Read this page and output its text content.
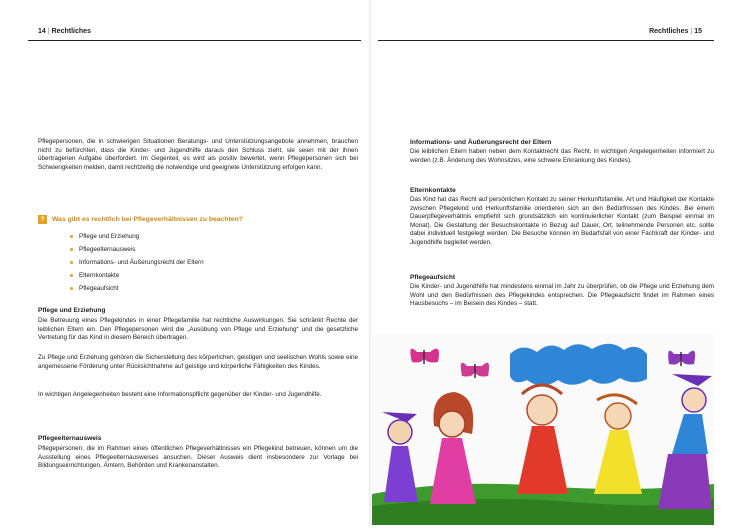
14 | Rechtliches	Rechtliches | 15

Pflegepersonen, die in schwierigen Situationen Beratungs- und Unterstützungsangebote annehmen, brauchen nicht zu befürchten, dass die Kinder- und Jugendhilfe daraus den Schluss zieht, sie seien mit der ihnen übertragenen Aufgabe überfordert. Im Gegenteil, es wird als positiv bewertet, wenn Pflegepersonen sich bei Schwierigkeiten melden, damit rechtzeitig die notwendige und geeignete Unterstützung erfolgen kann.

?	Was gibt es rechtlich bei Pflegeverhältnissen zu beachten?
Pflege und Erziehung
Pflegeelternausweis
Informations- und Äußerungsrecht der Eltern
Elternkontakte
Pflegeaufsicht
Pflege und Erziehung

Die Betreuung eines Pflegekindes in einer Pflegefamilie hat rechtliche Auswirkungen. Sie schränkt Rechte der leiblichen Eltern ein. Den Pflegepersonen wird die „Ausübung von Pflege und Erziehung“ und die gesetzliche Vertretung für das Kind in diesem Bereich übertragen.

Zu Pflege und Erziehung gehören die Sicherstellung des körperlichen, geistigen und seelischen Wohls sowie eine angemessene Förderung unter Rücksichtnahme auf geistige und körperliche Fähigkeiten des Kindes.

In wichtigen Angelegenheiten besteht eine Informationspflicht gegenüber der Kinder- und Jugendhilfe.

Pflegeelternausweis

Pflegepersonen, die im Rahmen eines öffentlichen Pflegeverhältnisses ein Pflegekind betreuen, können um die Ausstellung eines Pflegeelternausweises ansuchen. Dieser Ausweis dient insbesondere zur Vorlage bei Bildungseinrichtungen, Ämtern, Behörden und Krankenanstalten.

Informations- und Äußerungsrecht der Eltern

Die leiblichen Eltern haben neben dem Kontaktrecht das Recht, in wichtigen Angelegenheiten informiert zu werden (z.B. Änderung des Wohnsitzes, eine schwere Erkrankung des Kindes).

Elternkontakte

Das Kind hat das Recht auf persönlichen Kontakt zu seiner Herkunftsfamilie. Art und Häufigkeit der Kontakte zwischen Pflegekind und Herkunftsfamilie orientieren sich an den Bedürfnissen des Kindes. Bei einem Dauerpflegeverhältnis empfiehlt sich grundsätzlich ein kontinuierlicher Kontakt (zum Beispiel einmal im Monat). Die Gestaltung der Besuchskontakte in Bezug auf Dauer, Ort, teilnehmende Personen etc. sollte dabei individuell festgelegt werden. Die Besuche können im Bedarfsfall von einer Fachkraft der Kinder- und Jugendhilfe begleitet werden.

Pflegeaufsicht

Die Kinder- und Jugendhilfe hat mindestens einmal im Jahr zu überprüfen, ob die Pflege und Erziehung dem Wohl und den Bedürfnissen des Pflegekindes entsprechen. Die Pflegeaufsicht findet im Rahmen eines Hausbesuchs – im Beisein des Kindes – statt.
